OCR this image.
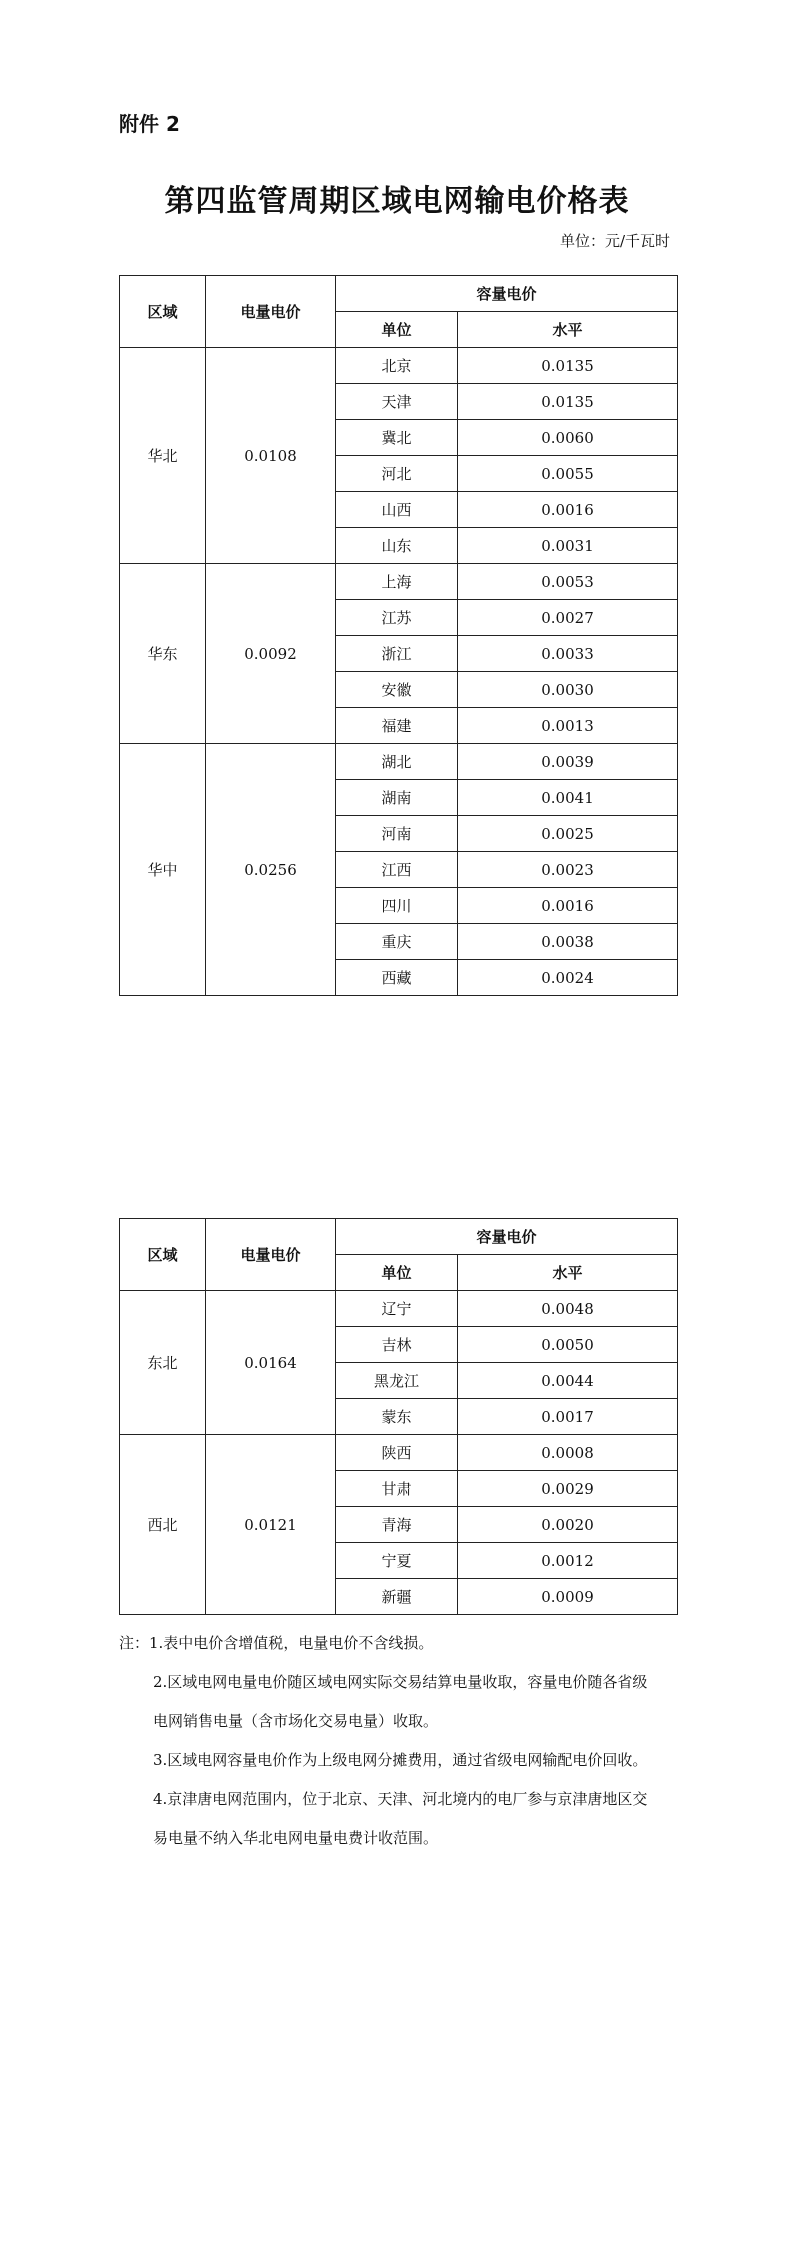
附件 2
第四监管周期区域电网输电价格表
单位：元/千瓦时
区域	电量电价	容量电价	
		单位	水平
华北	0.0108	北京	0.0135
		天津	0.0135
		冀北	0.0060
		河北	0.0055
		山西	0.0016
		山东	0.0031
华东	0.0092	上海	0.0053
		江苏	0.0027
		浙江	0.0033
		安徽	0.0030
		福建	0.0013
华中	0.0256	湖北	0.0039
		湖南	0.0041
		河南	0.0025
		江西	0.0023
		四川	0.0016
		重庆	0.0038
		西藏	0.0024
区域	电量电价	容量电价	
		单位	水平
东北	0.0164	辽宁	0.0048
		吉林	0.0050
		黑龙江	0.0044
		蒙东	0.0017
西北	0.0121	陕西	0.0008
		甘肃	0.0029
		青海	0.0020
		宁夏	0.0012
		新疆	0.0009
注：1.表中电价含增值税，电量电价不含线损。
2.区域电网电量电价随区域电网实际交易结算电量收取，容量电价随各省级
电网销售电量（含市场化交易电量）收取。
3.区域电网容量电价作为上级电网分摊费用，通过省级电网输配电价回收。
4.京津唐电网范围内，位于北京、天津、河北境内的电厂参与京津唐地区交
易电量不纳入华北电网电量电费计收范围。
